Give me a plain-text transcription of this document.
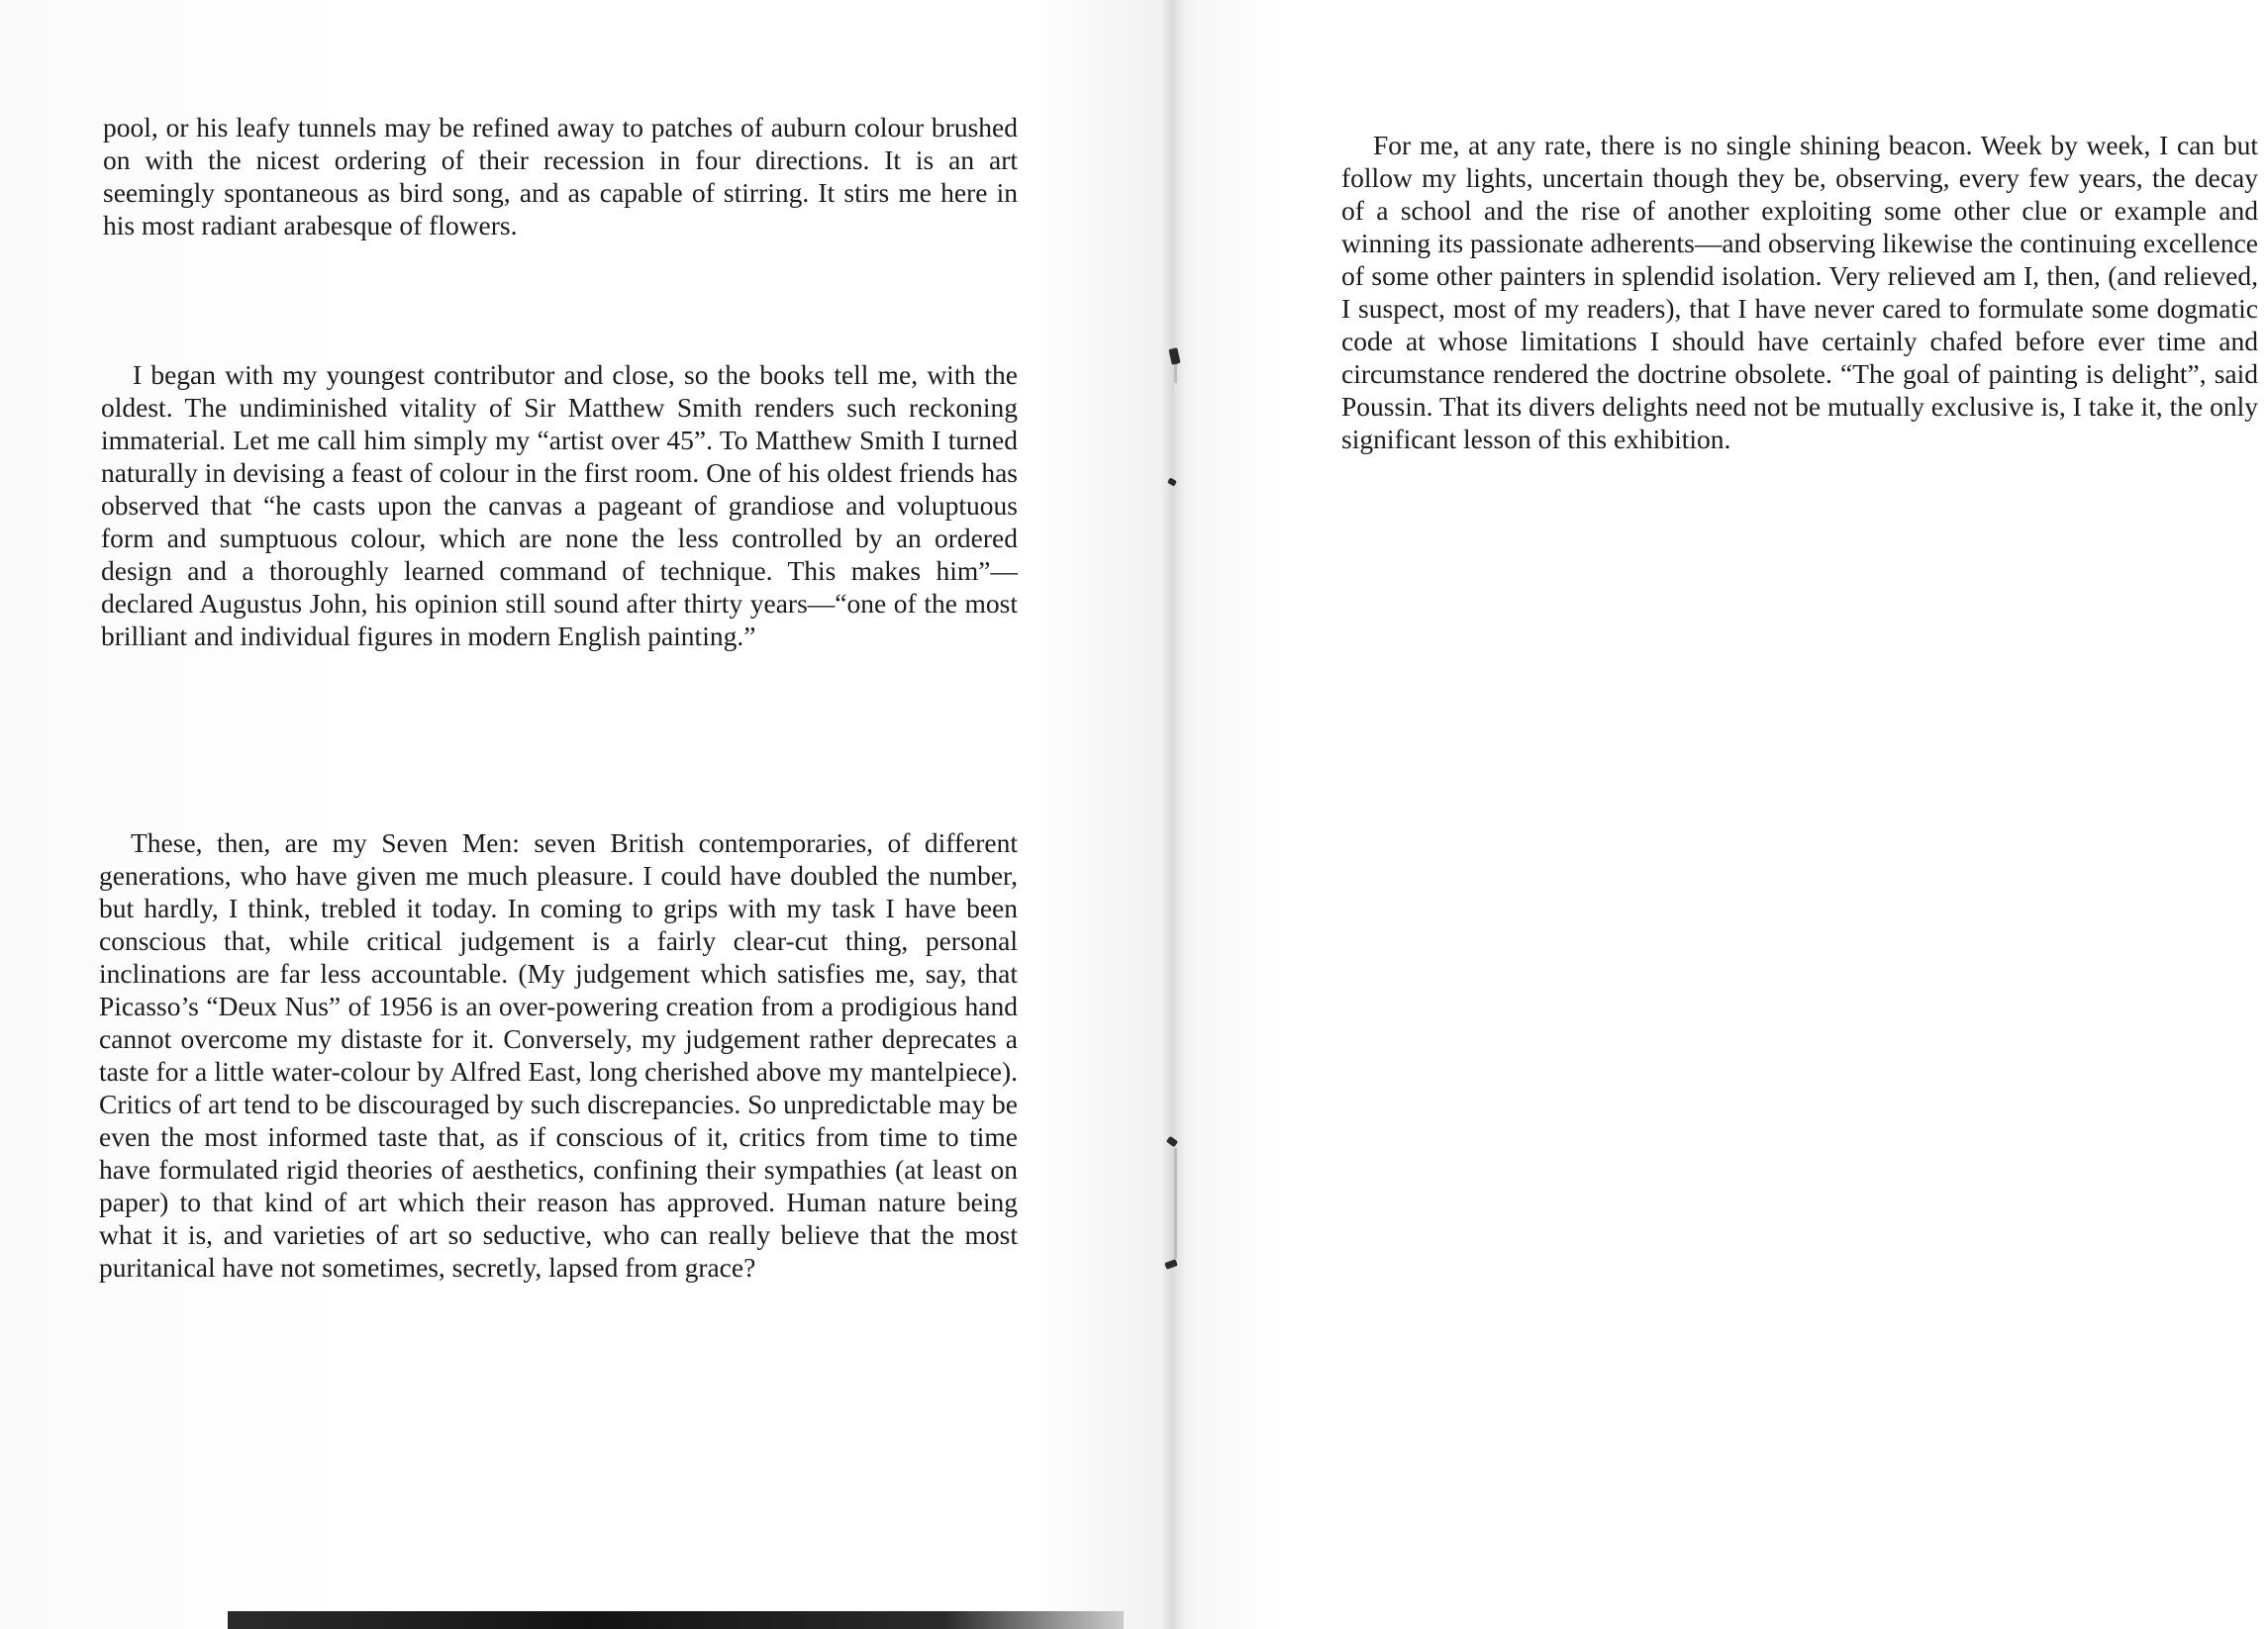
pool, or his leafy tunnels may be refined away to patches of auburn colour brushed on with the nicest ordering of their recession in four directions. It is an art seemingly spontaneous as bird song, and as capable of stirring. It stirs me here in his most radiant arabesque of flowers.

I began with my youngest contributor and close, so the books tell me, with the oldest. The undiminished vitality of Sir Matthew Smith renders such reckoning immaterial. Let me call him simply my “artist over 45”. To Matthew Smith I turned naturally in devising a feast of colour in the first room. One of his oldest friends has observed that “he casts upon the canvas a pageant of grandiose and voluptuous form and sumptuous colour, which are none the less controlled by an ordered design and a thoroughly learned command of technique. This makes him”—declared Augustus John, his opinion still sound after thirty years—“one of the most brilliant and individual figures in modern English painting.”

These, then, are my Seven Men: seven British contemporaries, of different generations, who have given me much pleasure. I could have doubled the number, but hardly, I think, trebled it today. In coming to grips with my task I have been conscious that, while critical judgement is a fairly clear-cut thing, personal inclinations are far less accountable. (My judgement which satisfies me, say, that Picasso’s “Deux Nus” of 1956 is an over-powering creation from a prodigious hand cannot overcome my distaste for it. Conversely, my judgement rather deprecates a taste for a little water-colour by Alfred East, long cherished above my mantelpiece). Critics of art tend to be discouraged by such discrepancies. So unpredictable may be even the most informed taste that, as if conscious of it, critics from time to time have formulated rigid theories of aesthetics, confining their sympathies (at least on paper) to that kind of art which their reason has approved. Human nature being what it is, and varieties of art so seductive, who can really believe that the most puritanical have not sometimes, secretly, lapsed from grace?

For me, at any rate, there is no single shining beacon. Week by week, I can but follow my lights, uncertain though they be, observing, every few years, the decay of a school and the rise of another exploiting some other clue or example and winning its passionate adherents—and observing likewise the continuing excellence of some other painters in splendid isolation. Very relieved am I, then, (and relieved, I suspect, most of my readers), that I have never cared to formulate some dogmatic code at whose limitations I should have certainly chafed before ever time and circumstance rendered the doctrine obsolete. “The goal of painting is delight”, said Poussin. That its divers delights need not be mutually exclusive is, I take it, the only significant lesson of this exhibition.
